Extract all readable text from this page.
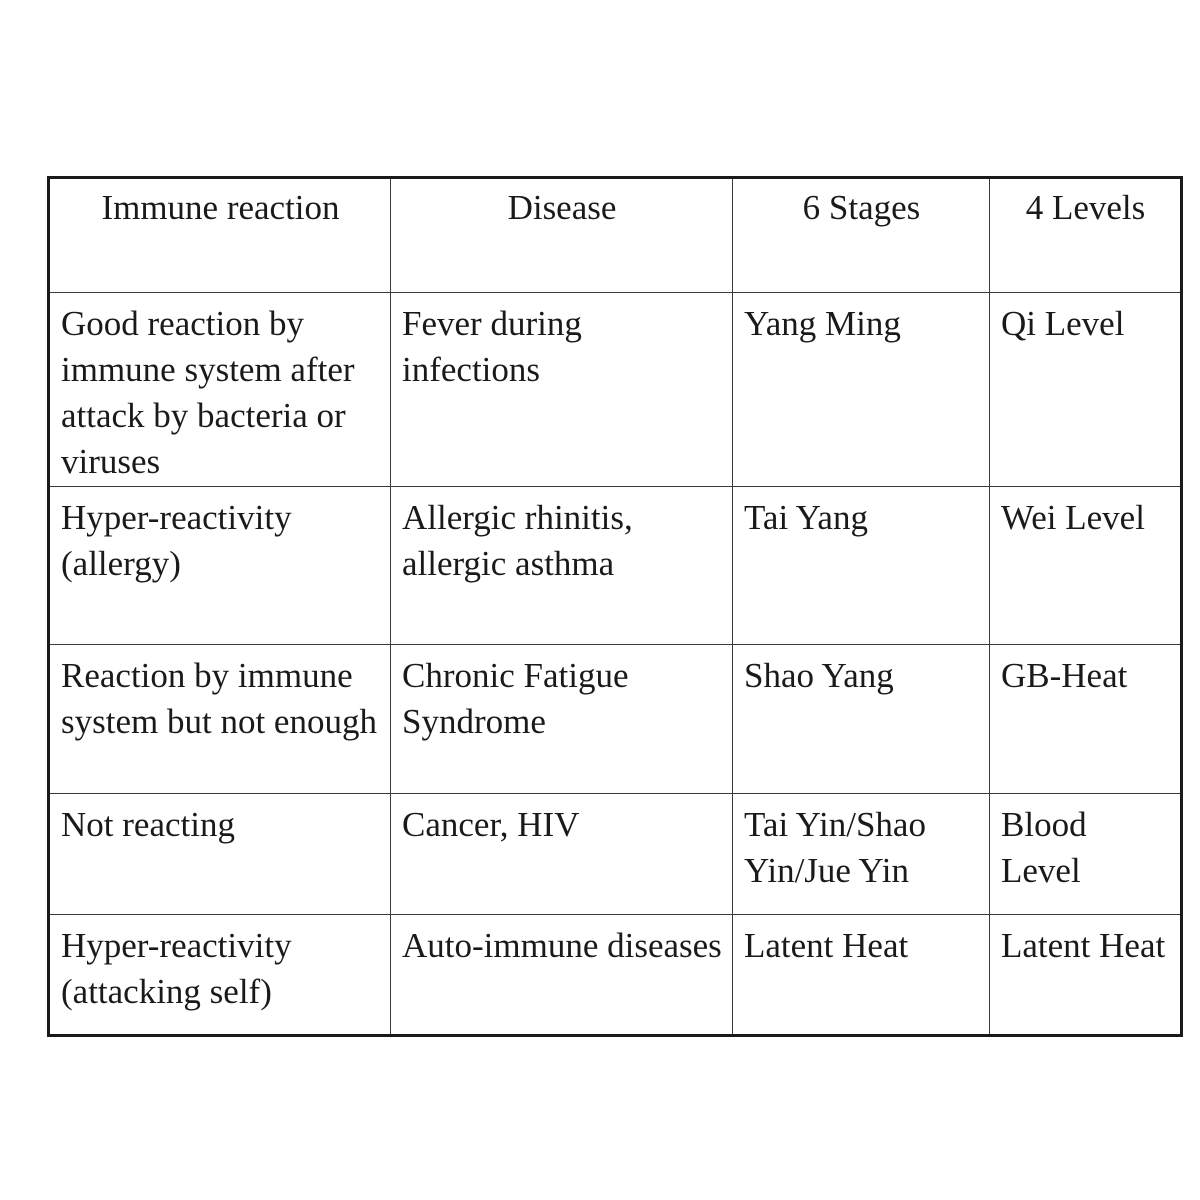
Immune reaction	Disease	6 Stages	4 Levels
Good reaction by immune system after attack by bacteria or viruses	Fever during infections	Yang Ming	Qi Level
Hyper-reactivity (allergy)	Allergic rhinitis, allergic asthma	Tai Yang	Wei Level
Reaction by immune system but not enough	Chronic Fatigue Syndrome	Shao Yang	GB-Heat
Not reacting	Cancer, HIV	Tai Yin/Shao Yin/Jue Yin	Blood Level
Hyper-reactivity (attacking self)	Auto-immune diseases	Latent Heat	Latent Heat
